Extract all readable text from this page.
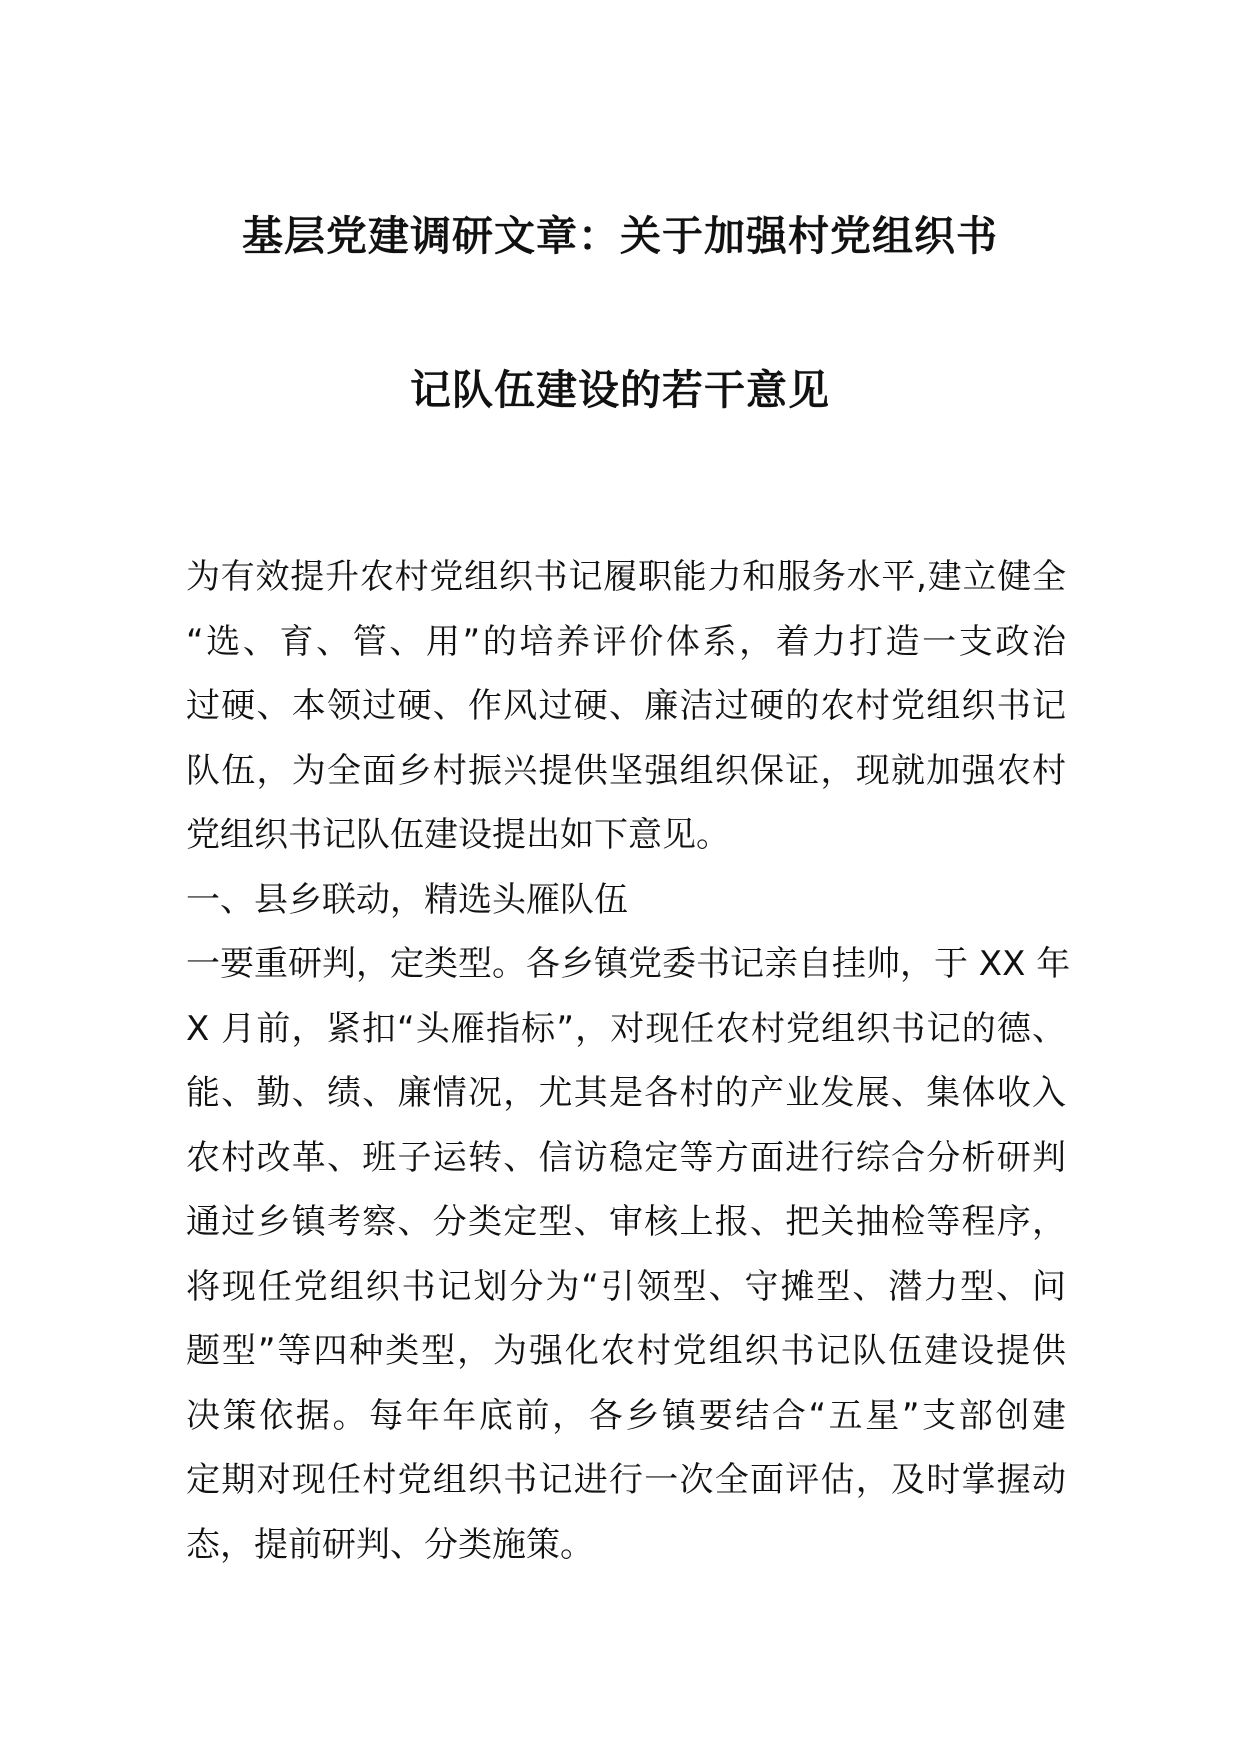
基层党建调研文章：关于加强村党组织书
记队伍建设的若干意见
为有效提升农村党组织书记履职能力和服务水平,建立健全
“选、育、管、用”的培养评价体系，着力打造一支政治
过硬、本领过硬、作风过硬、廉洁过硬的农村党组织书记
队伍，为全面乡村振兴提供坚强组织保证，现就加强农村
党组织书记队伍建设提出如下意见。
一、县乡联动，精选头雁队伍
一要重研判，定类型。各乡镇党委书记亲自挂帅，于 XX 年
X 月前，紧扣“头雁指标”，对现任农村党组织书记的德、
能、勤、绩、廉情况，尤其是各村的产业发展、集体收入
农村改革、班子运转、信访稳定等方面进行综合分析研判
通过乡镇考察、分类定型、审核上报、把关抽检等程序，
将现任党组织书记划分为“引领型、守摊型、潜力型、问
题型”等四种类型，为强化农村党组织书记队伍建设提供
决策依据。每年年底前，各乡镇要结合“五星”支部创建
定期对现任村党组织书记进行一次全面评估，及时掌握动
态，提前研判、分类施策。
